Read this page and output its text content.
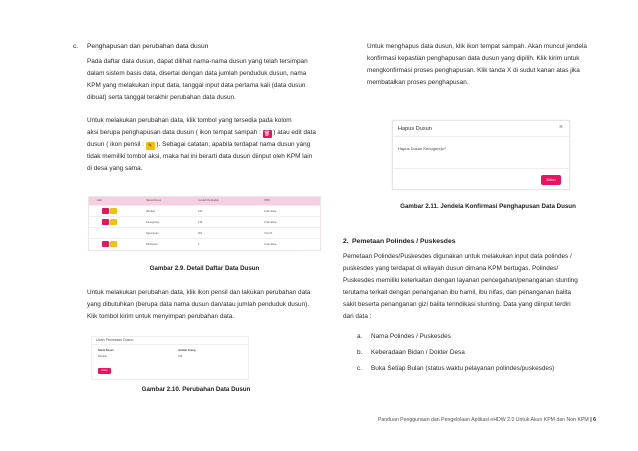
c. Penghapusan dan perubahan data dusun
Pada daftar data dusun, dapat dilihat nama-nama dusun yang telah tersimpan
dalam sistem basis data, disertai dengan data jumlah penduduk dusun, nama
KPM yang melakukan input data, tanggal input data pertama kali (data dusun
dibuat) serta tanggal terakhir perubahan data dusun.
Untuk melakukan perubahan data, klik tombol yang tersedia pada kolom
aksi berupa penghapusan data dusun ( ikon tempat sampah : 🗑 ) atau edit data
dusun ( ikon pensil : ✎ ). Sebagai catatan, apabila terdapat nama dusun yang
tidak memiliki tombol aksi, maka hal ini berarti data dusun diinput oleh KPM lain
di desa yang sama.
Aksi	Nama Dusun	Jumlah Penduduk	KPM
Rendan	230	Yuan Elisa
Kenogorejo	135	Yuan Elisa
Ngumanan	301	Yeni M.
Dlohomen	1	Yuan Elisa
Gambar 2.9. Detail Daftar Data Dusun
Untuk melakukan perubahan data, klik ikon pensil dan lakukan perubahan data
yang dibutuhkan (berupa data nama dusun dan/atau jumlah penduduk dusun).
Klik tombol kirim untuk menyimpan perubahan data.
Ubah Pemetaan Dusun
Nama Dusun	Jumlah Orang
Rendan	230
Kirim
Gambar 2.10. Perubahan Data Dusun
Untuk menghapus data dusun, klik ikon tempat sampah. Akan muncul jendela
konfirmasi kepastian penghapusan data dusun yang dipilih. Klik kirim untuk
mengkonfirmasi proses penghapusan. Klik tanda X di sudut kanan atas jika
membatalkan proses penghapusan.
Hapus Dusun	×
Hapus Dusun Kenogorejo?
Kirim
Gambar 2.11. Jendela Konfirmasi Penghapusan Data Dusun
2. Pemetaan Polindes / Puskesdes
Pemetaan Polindes/Puskesdes digunakan untuk melakukan input data polindes /
puskesdes yang terdapat di wilayah dusun dimana KPM bertugas. Polindes/
Puskesdes memiliki keterkaitan dengan layanan pencegahan/penanganan stunting
terutama terkait dengan penanganan ibu hamil, ibu nifas, dan penanganan balita
sakit beserta penanganan gizi balita terindikasi stunting. Data yang diinput terdiri
dari data :
a. Nama Polindes / Puskesdes
b. Keberadaan Bidan / Dokter Desa
c. Buka Setiap Bulan (status waktu pelayanan polindes/puskesdes)
Panduan Penggunaan dan Pengelolaan Aplikasi eHDW 2.0 Untuk Akun KPM dan Non KPM | 6
